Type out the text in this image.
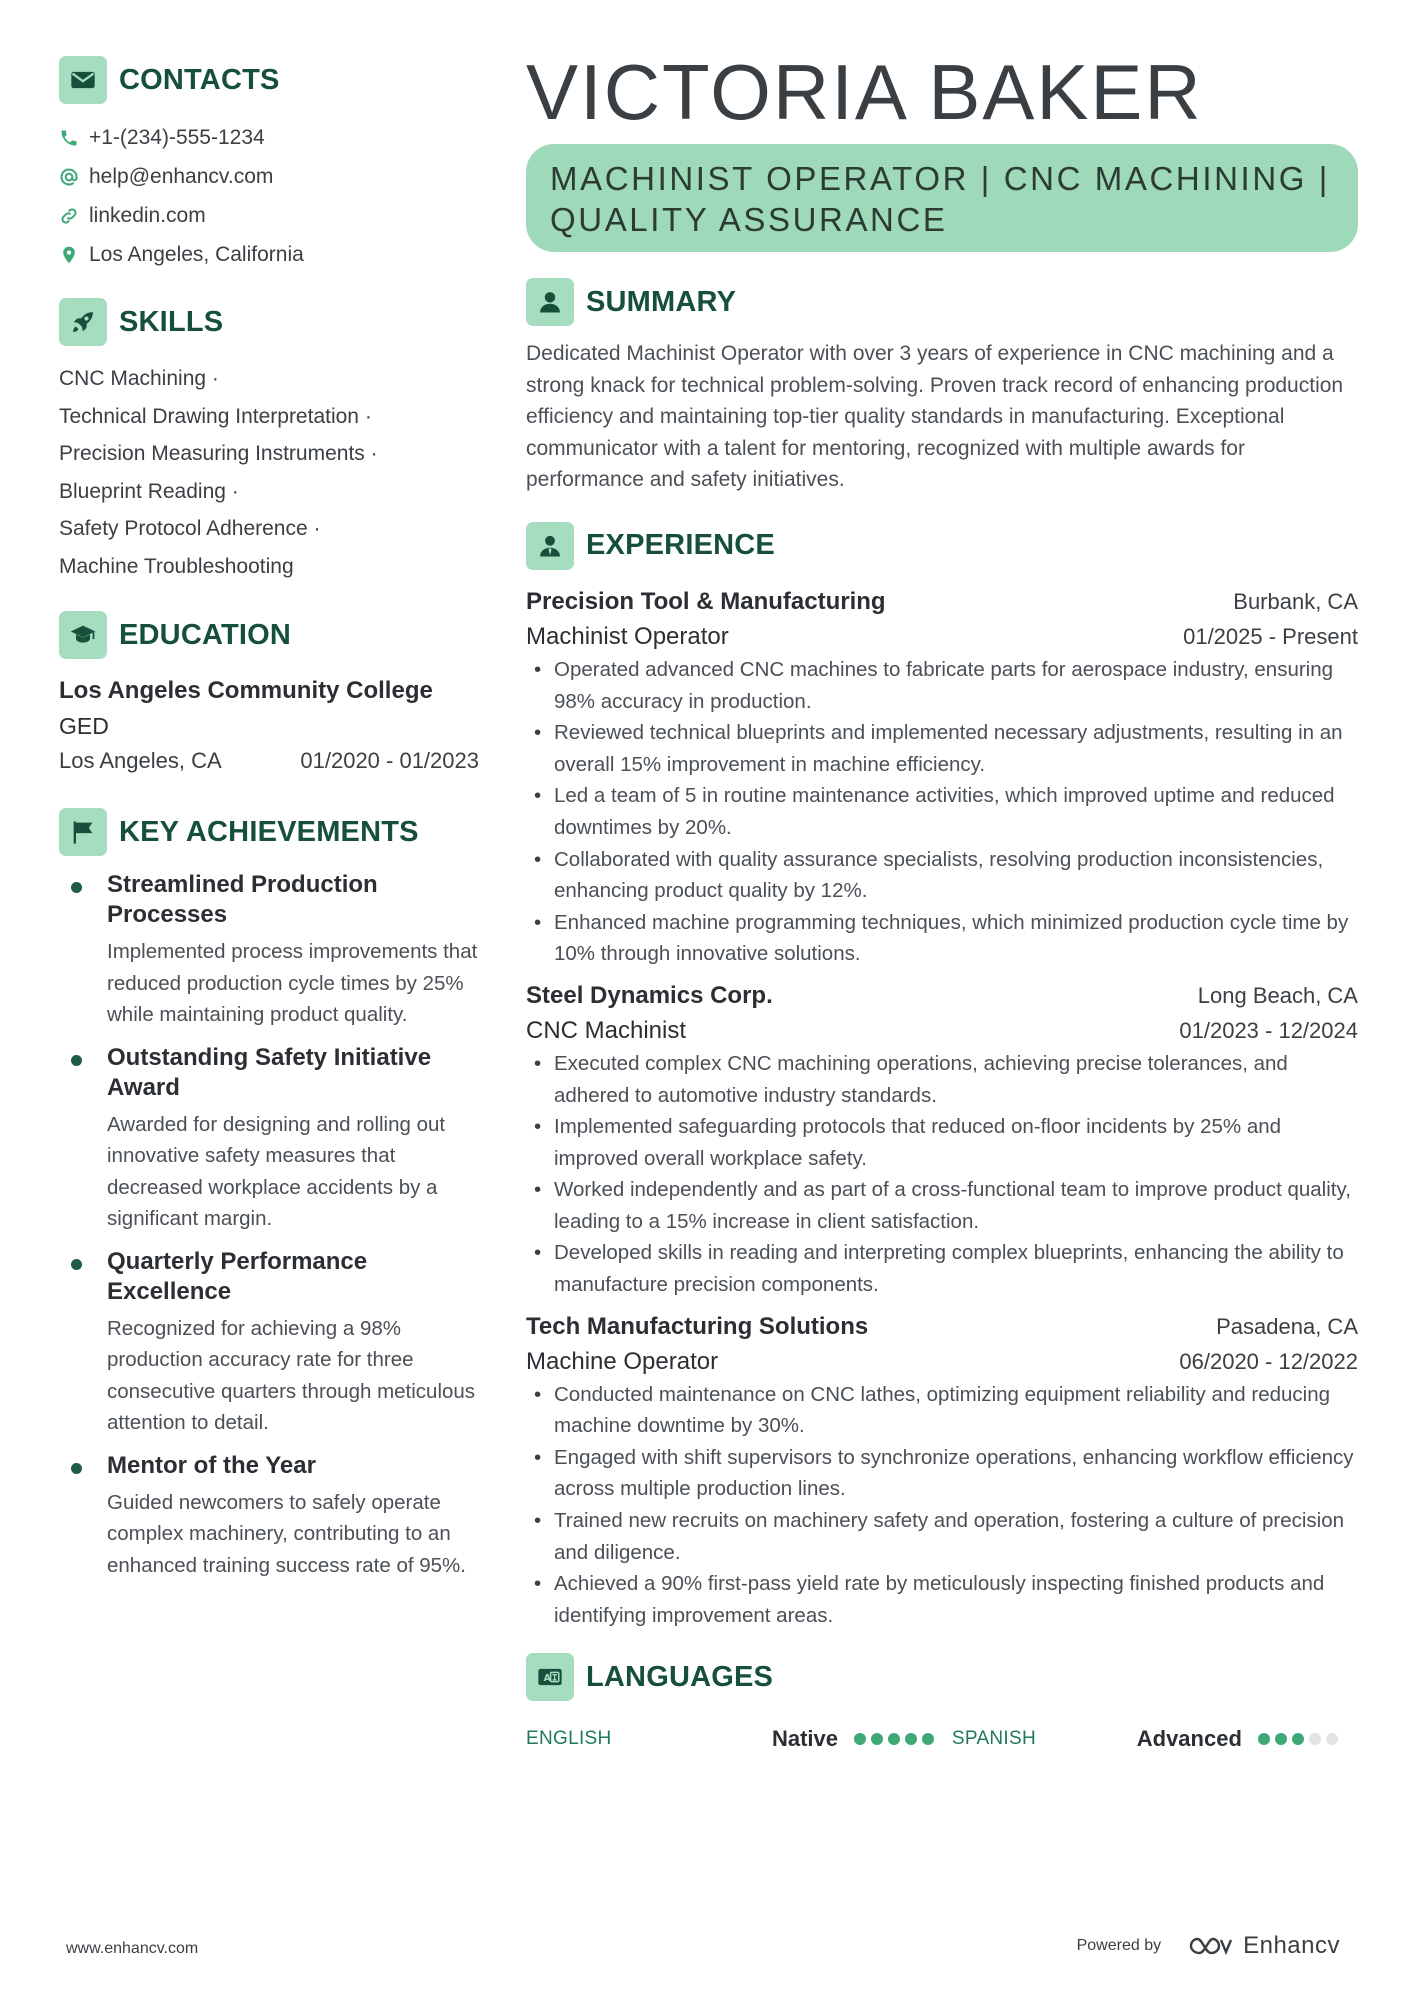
CONTACTS
+1-(234)-555-1234
help@enhancv.com
linkedin.com
Los Angeles, California
SKILLS
CNC Machining ·
Technical Drawing Interpretation ·
Precision Measuring Instruments ·
Blueprint Reading ·
Safety Protocol Adherence ·
Machine Troubleshooting
EDUCATION
Los Angeles Community College
GED
Los Angeles, CA	01/2020 - 01/2023
KEY ACHIEVEMENTS
Streamlined Production Processes
Implemented process improvements that reduced production cycle times by 25% while maintaining product quality.
Outstanding Safety Initiative Award
Awarded for designing and rolling out innovative safety measures that decreased workplace accidents by a significant margin.
Quarterly Performance Excellence
Recognized for achieving a 98% production accuracy rate for three consecutive quarters through meticulous attention to detail.
Mentor of the Year
Guided newcomers to safely operate complex machinery, contributing to an enhanced training success rate of 95%.
VICTORIA BAKER
MACHINIST OPERATOR | CNC MACHINING | QUALITY ASSURANCE
SUMMARY

Dedicated Machinist Operator with over 3 years of experience in CNC machining and a strong knack for technical problem-solving. Proven track record of enhancing production efficiency and maintaining top-tier quality standards in manufacturing. Exceptional communicator with a talent for mentoring, recognized with multiple awards for performance and safety initiatives.

EXPERIENCE
Precision Tool & Manufacturing	Burbank, CA
Machinist Operator	01/2025 - Present
• Operated advanced CNC machines to fabricate parts for aerospace industry, ensuring 98% accuracy in production.
• Reviewed technical blueprints and implemented necessary adjustments, resulting in an overall 15% improvement in machine efficiency.
• Led a team of 5 in routine maintenance activities, which improved uptime and reduced downtimes by 20%.
• Collaborated with quality assurance specialists, resolving production inconsistencies, enhancing product quality by 12%.
• Enhanced machine programming techniques, which minimized production cycle time by 10% through innovative solutions.
Steel Dynamics Corp.	Long Beach, CA
CNC Machinist	01/2023 - 12/2024
• Executed complex CNC machining operations, achieving precise tolerances, and adhered to automotive industry standards.
• Implemented safeguarding protocols that reduced on-floor incidents by 25% and improved overall workplace safety.
• Worked independently and as part of a cross-functional team to improve product quality, leading to a 15% increase in client satisfaction.
• Developed skills in reading and interpreting complex blueprints, enhancing the ability to manufacture precision components.
Tech Manufacturing Solutions	Pasadena, CA
Machine Operator	06/2020 - 12/2022
• Conducted maintenance on CNC lathes, optimizing equipment reliability and reducing machine downtime by 30%.
• Engaged with shift supervisors to synchronize operations, enhancing workflow efficiency across multiple production lines.
• Trained new recruits on machinery safety and operation, fostering a culture of precision and diligence.
• Achieved a 90% first-pass yield rate by meticulously inspecting finished products and identifying improvement areas.
A LANGUAGES
ENGLISH	Native	SPANISH	Advanced
www.enhancv.com	Powered by	Enhancv
